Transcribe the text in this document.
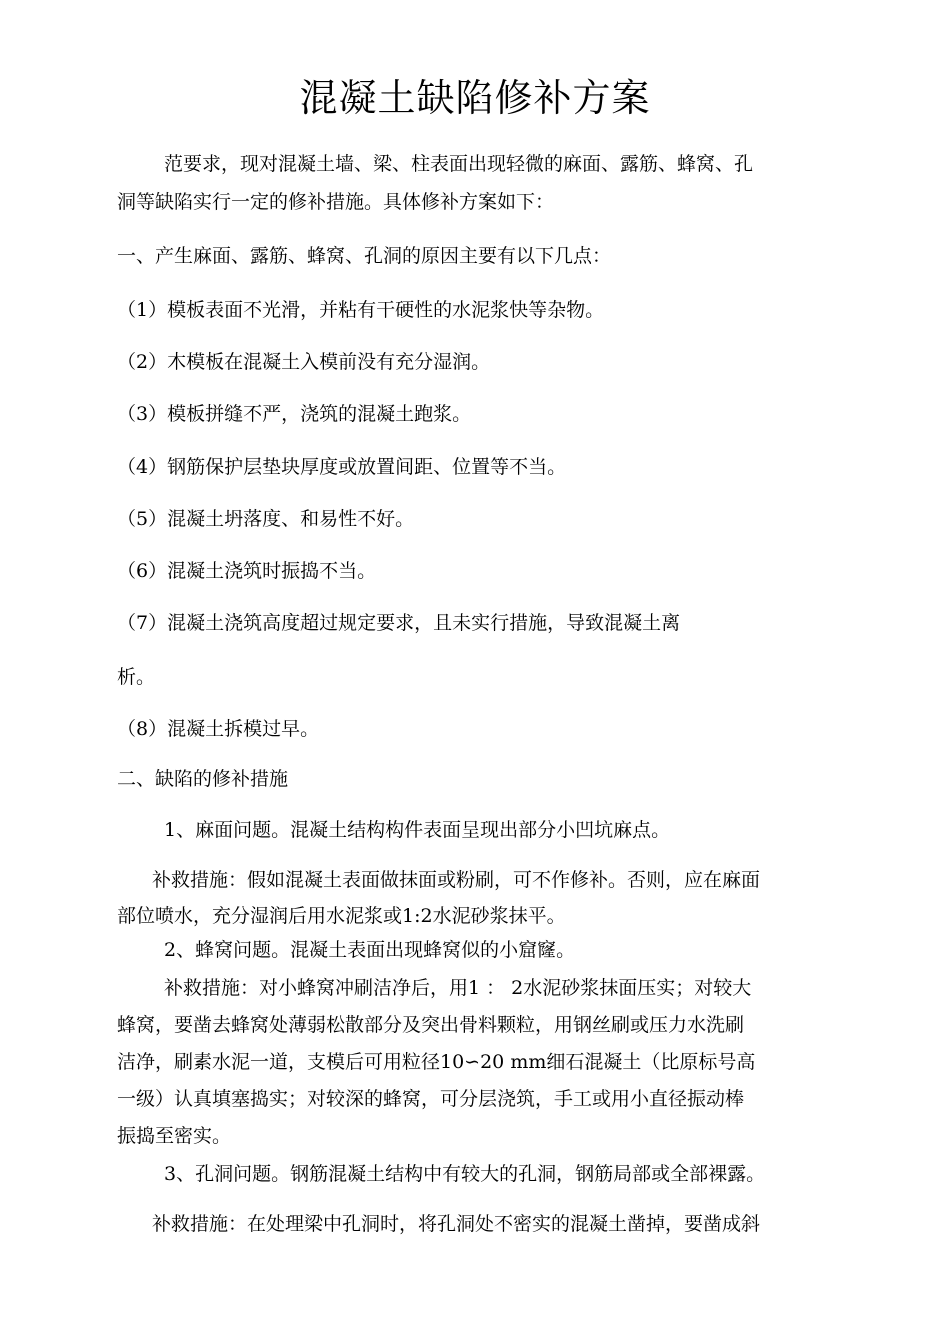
混凝土缺陷修补方案
范要求，现对混凝土墙、梁、柱表面出现轻微的麻面、露筋、蜂窝、孔
洞等缺陷实行一定的修补措施。具体修补方案如下：
一、产生麻面、露筋、蜂窝、孔洞的原因主要有以下几点：
（1）模板表面不光滑，并粘有干硬性的水泥浆快等杂物。
（2）木模板在混凝土入模前没有充分湿润。
（3）模板拼缝不严，浇筑的混凝土跑浆。
（4）钢筋保护层垫块厚度或放置间距、位置等不当。
（5）混凝土坍落度、和易性不好。
（6）混凝土浇筑时振捣不当。
（7）混凝土浇筑高度超过规定要求，且未实行措施，导致混凝土离
析。
（8）混凝土拆模过早。
二、缺陷的修补措施
1、麻面问题。混凝土结构构件表面呈现出部分小凹坑麻点。
补救措施：假如混凝土表面做抹面或粉刷，可不作修补。否则，应在麻面
部位喷水，充分湿润后用水泥浆或1:2水泥砂浆抹平。
2、蜂窝问题。混凝土表面出现蜂窝似的小窟窿。
补救措施：对小蜂窝冲刷洁净后，用1 ： 2水泥砂浆抹面压实；对较大
蜂窝，要凿去蜂窝处薄弱松散部分及突出骨料颗粒，用钢丝刷或压力水洗刷
洁净，刷素水泥一道，支模后可用粒径10∽20 mm细石混凝土（比原标号高
一级）认真填塞捣实；对较深的蜂窝，可分层浇筑，手工或用小直径振动棒
振捣至密实。
3、孔洞问题。钢筋混凝土结构中有较大的孔洞，钢筋局部或全部裸露。
补救措施：在处理梁中孔洞时，将孔洞处不密实的混凝土凿掉，要凿成斜
